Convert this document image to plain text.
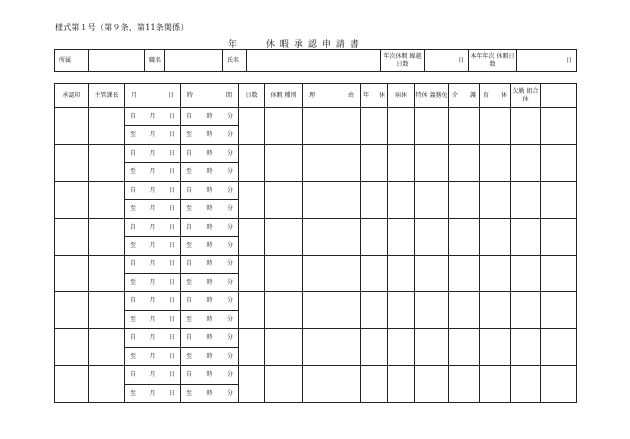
様式第１号（第９条、第11条関係）
年	休暇承認申請書
所属		職名		氏名		年次休暇 繰越日数	日	本年年次 休暇日数	日
承認印	主管課長	月 日	時 間	日数	休暇 種別	理 由	年 休	病休	特休 義務免	介 護	育 休	欠勤 組合休	

		自 月 日	自 時 分										

		至 月 日	至 時 分										

		自 月 日	自 時 分										

		至 月 日	至 時 分										

		自 月 日	自 時 分										

		至 月 日	至 時 分										

		自 月 日	自 時 分										

		至 月 日	至 時 分										

		自 月 日	自 時 分										

		至 月 日	至 時 分										

		自 月 日	自 時 分										

		至 月 日	至 時 分										

		自 月 日	自 時 分										

		至 月 日	至 時 分										

		自 月 日	自 時 分										

		至 月 日	至 時 分										
